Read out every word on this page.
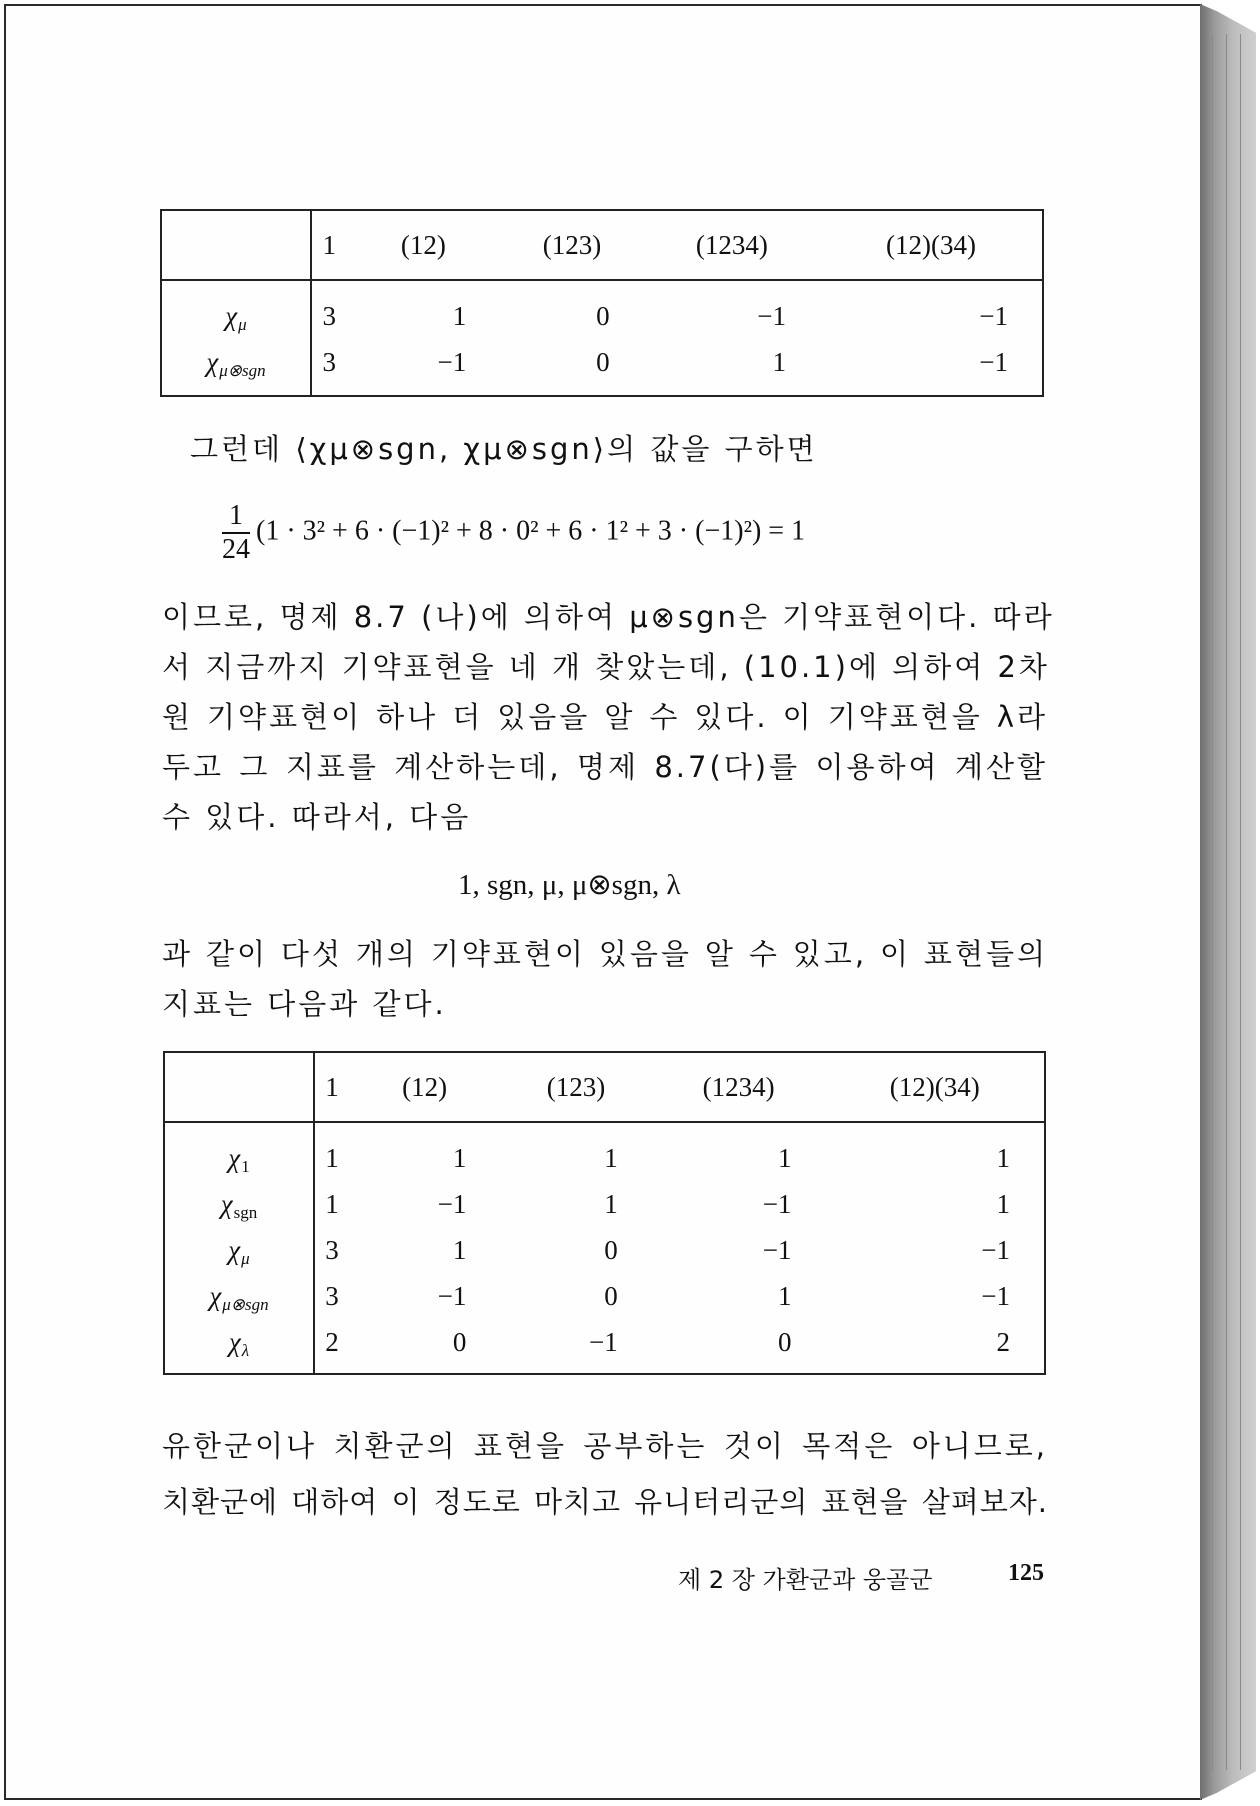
	1	(12)	(123)	(1234)	(12)(34)
χμ	3	1	0	−1	−1
χμ⊗sgn	3	−1	0	1	−1
그런데 ⟨χμ⊗sgn, χμ⊗sgn⟩의 값을 구하면
$\frac{1}{24} (1 \cdot 3^2 + 6 \cdot (-1)^2 + 8 \cdot 0^2 + 6 \cdot 1^2 + 3 \cdot (-1)^2) = 1$
이므로, 명제 8.7 (나)에 의하여 μ⊗sgn은 기약표현이다. 따라
서 지금까지 기약표현을 네 개 찾았는데, (10.1)에 의하여 2차
원 기약표현이 하나 더 있음을 알 수 있다. 이 기약표현을 λ라
두고 그 지표를 계산하는데, 명제 8.7(다)를 이용하여 계산할
수 있다. 따라서, 다음
1, sgn, μ, μ⊗sgn, λ
과 같이 다섯 개의 기약표현이 있음을 알 수 있고, 이 표현들의
지표는 다음과 같다.
	1	(12)	(123)	(1234)	(12)(34)
χ1	1	1	1	1	1
χsgn	1	−1	1	−1	1
χμ	3	1	0	−1	−1
χμ⊗sgn	3	−1	0	1	−1
χλ	2	0	−1	0	2
유한군이나 치환군의 표현을 공부하는 것이 목적은 아니므로,
치환군에 대하여 이 정도로 마치고 유니터리군의 표현을 살펴보자.
제 2 장 가환군과 웅골군	125
